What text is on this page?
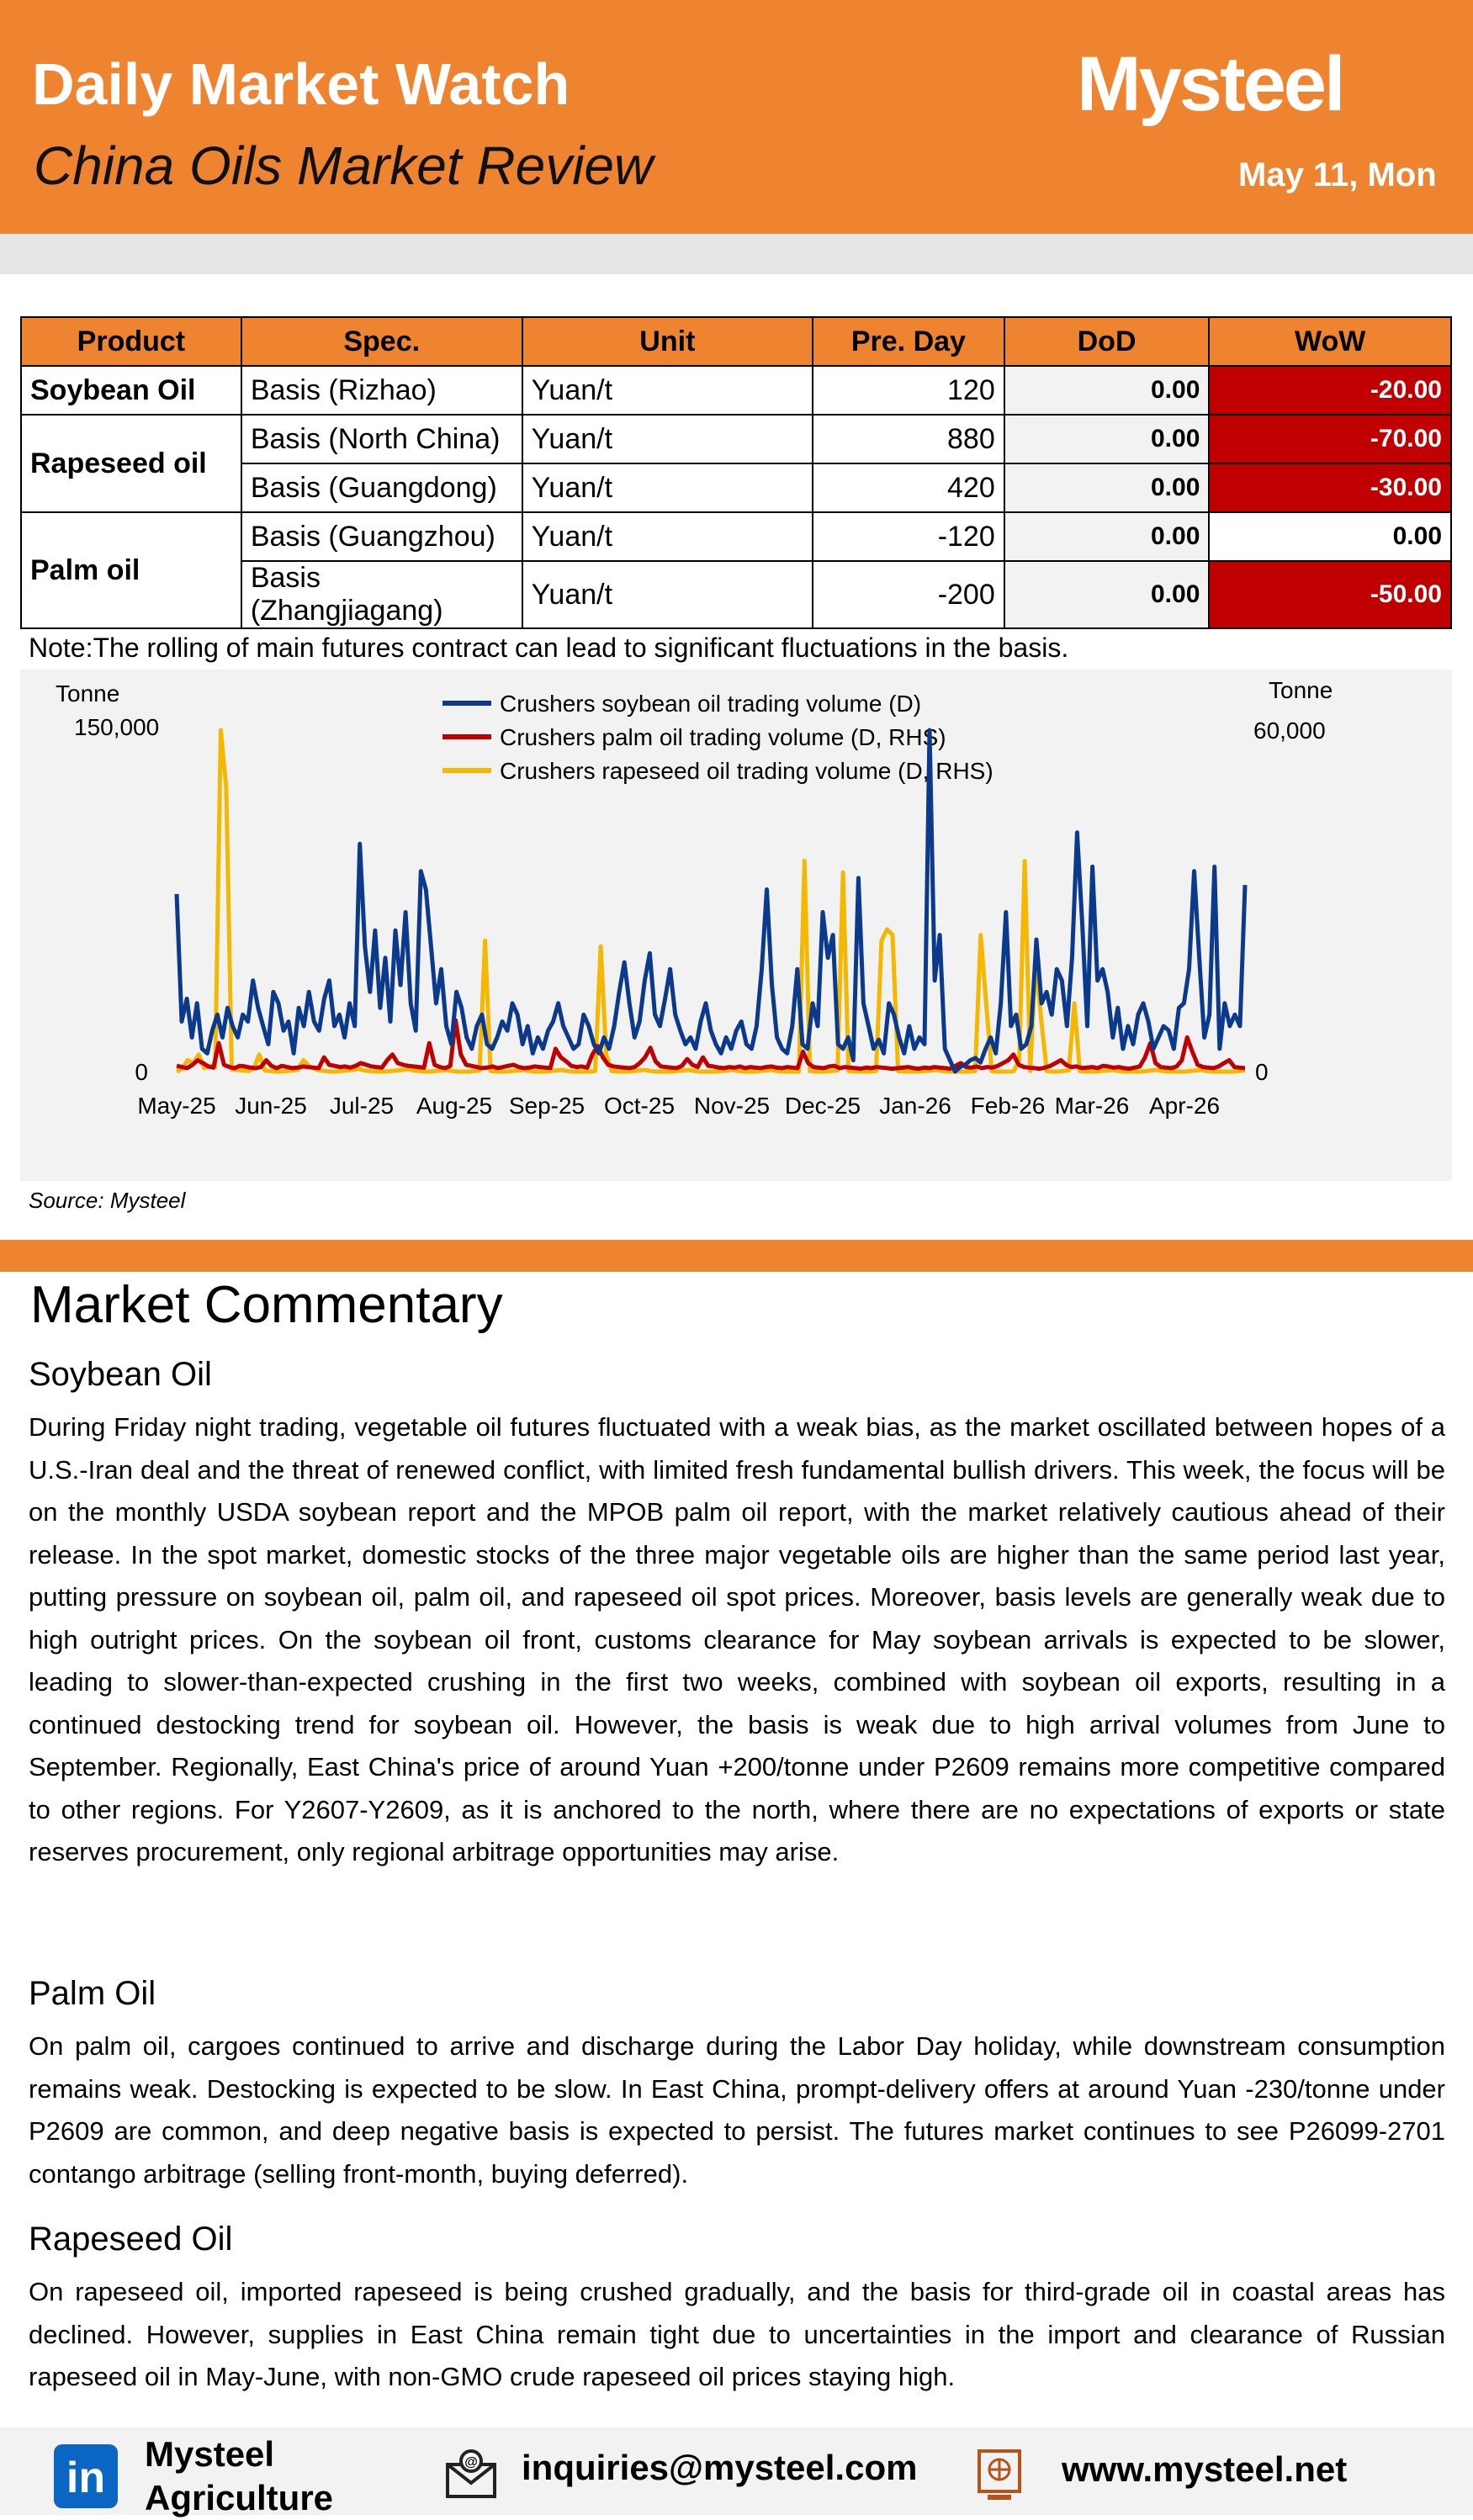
Daily Market Watch
China Oils Market Review
Mysteel
May 11, Mon
Product	Spec.	Unit	Pre. Day	DoD	WoW
Soybean Oil	Basis (Rizhao)	Yuan/t	120	0.00	-20.00
Rapeseed oil	Basis (North China)	Yuan/t	880	0.00	-70.00
	Basis (Guangdong)	Yuan/t	420	0.00	-30.00
Palm oil	Basis (Guangzhou)	Yuan/t	-120	0.00	0.00
	Basis (Zhangjiagang)	Yuan/t	-200	0.00	-50.00
Note:The rolling of main futures contract can lead to significant fluctuations in the basis.
Tonne
150,000
0
Tonne
60,000
0
Crushers soybean oil trading volume (D)
Crushers palm oil trading volume (D, RHS)
Crushers rapeseed oil trading volume (D, RHS)
May-25 Jun-25 Jul-25 Aug-25 Sep-25 Oct-25 Nov-25 Dec-25 Jan-26 Feb-26 Mar-26 Apr-26
Source: Mysteel
Market Commentary
Soybean Oil
During Friday night trading, vegetable oil futures fluctuated with a weak bias, as the market oscillated between hopes of a U.S.-Iran deal and the threat of renewed conflict, with limited fresh fundamental bullish drivers. This week, the focus will be on the monthly USDA soybean report and the MPOB palm oil report, with the market relatively cautious ahead of their release. In the spot market, domestic stocks of the three major vegetable oils are higher than the same period last year, putting pressure on soybean oil, palm oil, and rapeseed oil spot prices. Moreover, basis levels are generally weak due to high outright prices. On the soybean oil front, customs clearance for May soybean arrivals is expected to be slower, leading to slower-than-expected crushing in the first two weeks, combined with soybean oil exports, resulting in a continued destocking trend for soybean oil. However, the basis is weak due to high arrival volumes from June to September. Regionally, East China's price of around Yuan +200/tonne under P2609 remains more competitive compared to other regions. For Y2607-Y2609, as it is anchored to the north, where there are no expectations of exports or state reserves procurement, only regional arbitrage opportunities may arise.
Palm Oil
On palm oil, cargoes continued to arrive and discharge during the Labor Day holiday, while downstream consumption remains weak. Destocking is expected to be slow. In East China, prompt-delivery offers at around Yuan -230/tonne under P2609 are common, and deep negative basis is expected to persist. The futures market continues to see P26099-2701 contango arbitrage (selling front-month, buying deferred).
Rapeseed Oil
On rapeseed oil, imported rapeseed is being crushed gradually, and the basis for third-grade oil in coastal areas has declined. However, supplies in East China remain tight due to uncertainties in the import and clearance of Russian rapeseed oil in May-June, with non-GMO crude rapeseed oil prices staying high.
in	Mysteel
Agriculture
@ inquiries@mysteel.com	www.mysteel.net
